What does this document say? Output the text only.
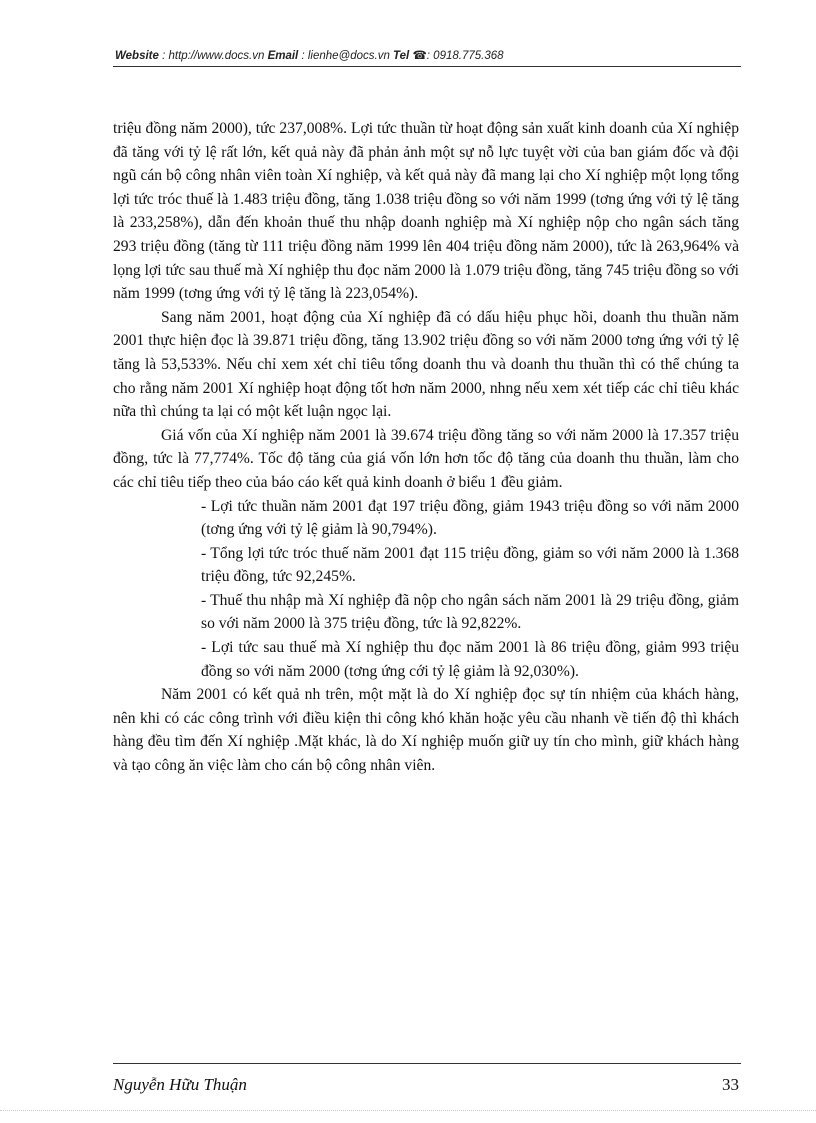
Website : http://www.docs.vn Email : lienhe@docs.vn Tel ☎: 0918.775.368

triệu đồng năm 2000), tức 237,008%. Lợi tức thuần từ hoạt động sản xuất kinh doanh của Xí nghiệp đã tăng với tỷ lệ rất lớn, kết quả này đã phản ảnh một sự nỗ lực tuyệt vời của ban giám đốc và đội ngũ cán bộ công nhân viên toàn Xí nghiệp, và kết quả này đã mang lại cho Xí nghiệp một lọng tổng lợi tức tróc thuế là 1.483 triệu đồng, tăng 1.038 triệu đồng so với năm 1999 (tơng ứng với tỷ lệ tăng là 233,258%), dẫn đến khoản thuế thu nhập doanh nghiệp mà Xí nghiệp nộp cho ngân sách tăng 293 triệu đồng (tăng từ 111 triệu đồng năm 1999 lên 404 triệu đồng năm 2000), tức là 263,964% và lọng lợi tức sau thuế mà Xí nghiệp thu đọc năm 2000 là 1.079 triệu đồng, tăng 745 triệu đồng so với năm 1999 (tơng ứng với tỷ lệ tăng là 223,054%).

Sang năm 2001, hoạt động của Xí nghiệp đã có dấu hiệu phục hồi, doanh thu thuần năm 2001 thực hiện đọc là 39.871 triệu đồng, tăng 13.902 triệu đồng so với năm 2000 tơng ứng với tỷ lệ tăng là 53,533%. Nếu chỉ xem xét chỉ tiêu tổng doanh thu và doanh thu thuần thì có thể chúng ta cho rằng năm 2001 Xí nghiệp hoạt động tốt hơn năm 2000, nhng nếu xem xét tiếp các chỉ tiêu khác nữa thì chúng ta lại có một kết luận ngọc lại.

Giá vốn của Xí nghiệp năm 2001 là 39.674 triệu đồng tăng so với năm 2000 là 17.357 triệu đồng, tức là 77,774%. Tốc độ tăng của giá vốn lớn hơn tốc độ tăng của doanh thu thuần, làm cho các chỉ tiêu tiếp theo của báo cáo kết quả kinh doanh ở biểu 1 đều giảm.

- Lợi tức thuần năm 2001 đạt 197 triệu đồng, giảm 1943 triệu đồng so với năm 2000 (tơng ứng với tỷ lệ giảm là 90,794%).

- Tổng lợi tức tróc thuế năm 2001 đạt 115 triệu đồng, giảm so với năm 2000 là 1.368 triệu đồng, tức 92,245%.

- Thuế thu nhập mà Xí nghiệp đã nộp cho ngân sách năm 2001 là 29 triệu đồng, giảm so với năm 2000 là 375 triệu đồng, tức là 92,822%.

- Lợi tức sau thuế mà Xí nghiệp thu đọc năm 2001 là 86 triệu đồng, giảm 993 triệu đồng so với năm 2000 (tơng ứng cới tỷ lệ giảm là 92,030%).

Năm 2001 có kết quả nh trên, một mặt là do Xí nghiệp đọc sự tín nhiệm của khách hàng, nên khi có các công trình với điều kiện thi công khó khăn hoặc yêu cầu nhanh về tiến độ thì khách hàng đều tìm đến Xí nghiệp .Mặt khác, là do Xí nghiệp muốn giữ uy tín cho mình, giữ khách hàng và tạo công ăn việc làm cho cán bộ công nhân viên.

Nguyễn Hữu Thuận	33
